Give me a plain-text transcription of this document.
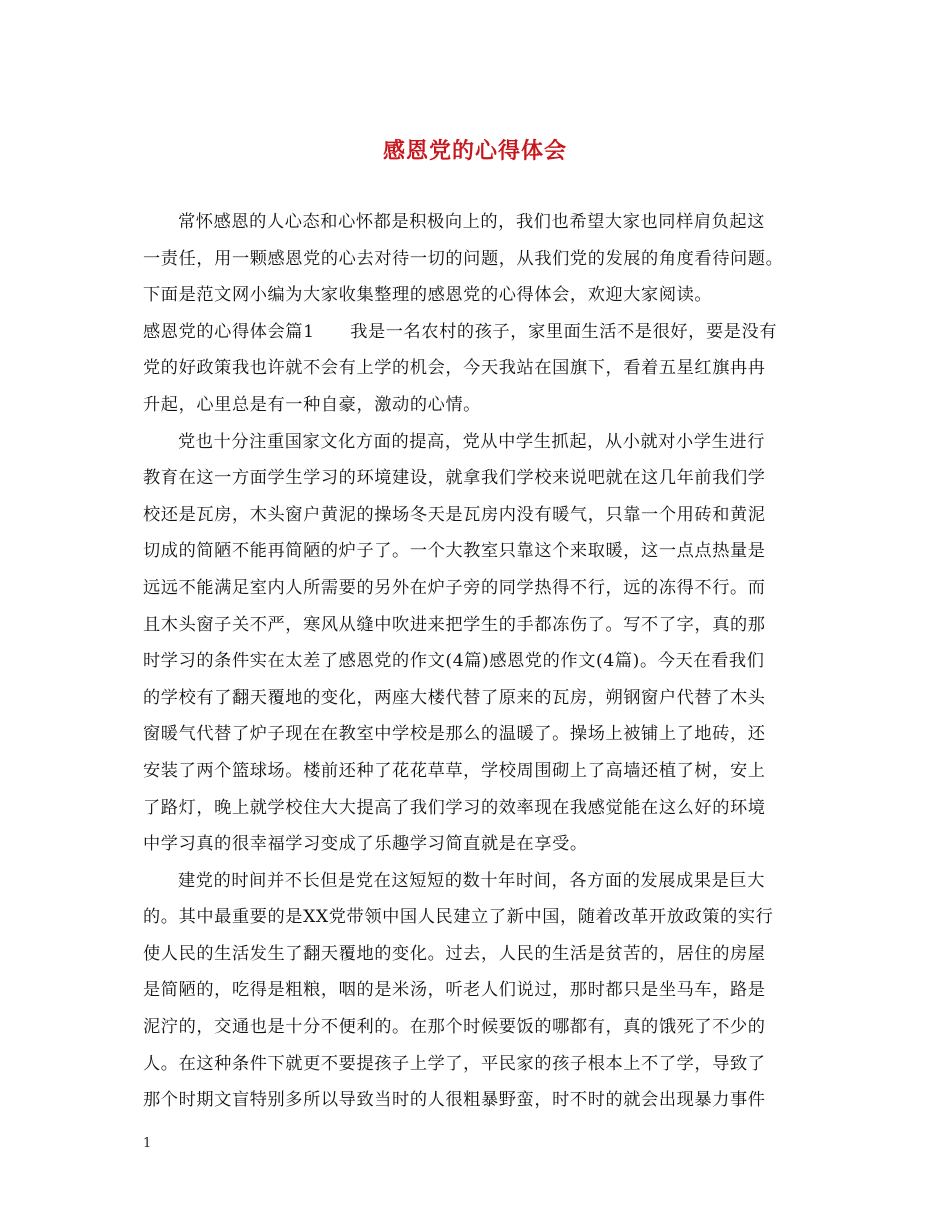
感恩党的心得体会
常怀感恩的人心态和心怀都是积极向上的，我们也希望大家也同样肩负起这
一责任，用一颗感恩党的心去对待一切的问题，从我们党的发展的角度看待问题。
下面是范文网小编为大家收集整理的感恩党的心得体会，欢迎大家阅读。
感恩党的心得体会篇1　　我是一名农村的孩子，家里面生活不是很好，要是没有
党的好政策我也许就不会有上学的机会，今天我站在国旗下，看着五星红旗冉冉
升起，心里总是有一种自豪，激动的心情。
党也十分注重国家文化方面的提高，党从中学生抓起，从小就对小学生进行
教育在这一方面学生学习的环境建设，就拿我们学校来说吧就在这几年前我们学
校还是瓦房，木头窗户黄泥的操场冬天是瓦房内没有暖气，只靠一个用砖和黄泥
切成的简陋不能再简陋的炉子了。一个大教室只靠这个来取暖，这一点点热量是
远远不能满足室内人所需要的另外在炉子旁的同学热得不行，远的冻得不行。而
且木头窗子关不严，寒风从缝中吹进来把学生的手都冻伤了。写不了字，真的那
时学习的条件实在太差了感恩党的作文(4篇)感恩党的作文(4篇)。今天在看我们
的学校有了翻天覆地的变化，两座大楼代替了原来的瓦房，朔钢窗户代替了木头
窗暖气代替了炉子现在在教室中学校是那么的温暖了。操场上被铺上了地砖，还
安装了两个篮球场。楼前还种了花花草草，学校周围砌上了高墙还植了树，安上
了路灯，晚上就学校住大大提高了我们学习的效率现在我感觉能在这么好的环境
中学习真的很幸福学习变成了乐趣学习简直就是在享受。
建党的时间并不长但是党在这短短的数十年时间，各方面的发展成果是巨大
的。其中最重要的是XX党带领中国人民建立了新中国，随着改革开放政策的实行
使人民的生活发生了翻天覆地的变化。过去，人民的生活是贫苦的，居住的房屋
是简陋的，吃得是粗粮，咽的是米汤，听老人们说过，那时都只是坐马车，路是
泥泞的，交通也是十分不便利的。在那个时候要饭的哪都有，真的饿死了不少的
人。在这种条件下就更不要提孩子上学了，平民家的孩子根本上不了学，导致了
那个时期文盲特别多所以导致当时的人很粗暴野蛮，时不时的就会出现暴力事件
1
